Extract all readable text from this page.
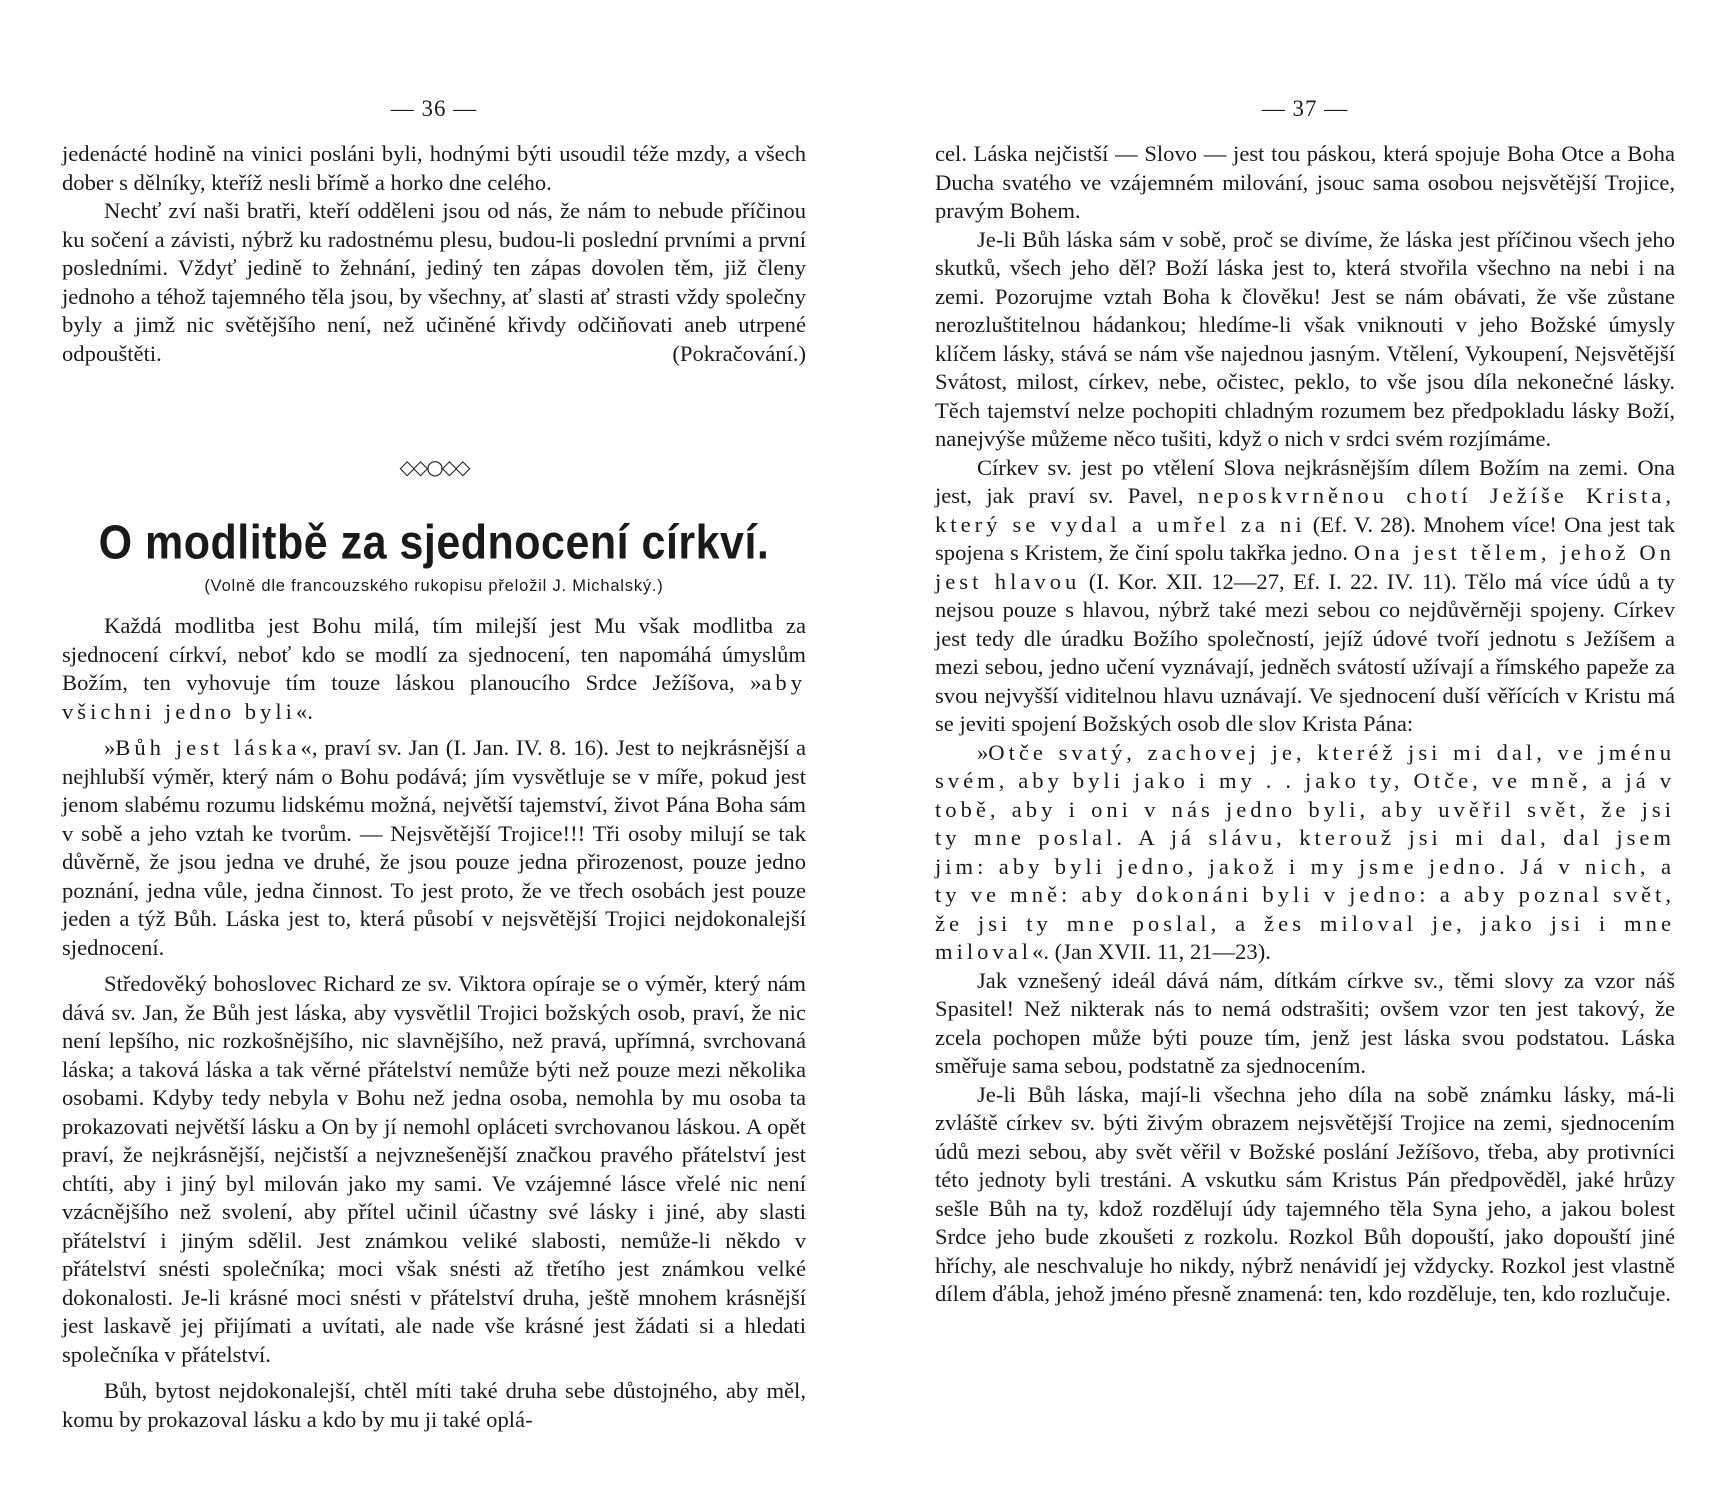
— 36 —

jedenácté hodině na vinici posláni byli, hodnými býti usoudil téže mzdy, a všech dober s dělníky, kteříž nesli břímě a horko dne celého.

Nechť zví naši bratři, kteří odděleni jsou od nás, že nám to nebude příčinou ku sočení a závisti, nýbrž ku radostnému plesu, budou-li poslední prvními a první posledními. Vždyť jedině to žehnání, jediný ten zápas dovolen těm, již členy jednoho a téhož tajemného těla jsou, by všechny, ať slasti ať strasti vždy společny byly a jimž nic světějšího není, než učiněné křivdy odčiňovati aneb utrpené odpouštěti.	(Pokračování.)

◇◇○◇◇
O modlitbě za sjednocení církví.
(Volně dle francouzského rukopisu přeložil J. Michalský.)

Každá modlitba jest Bohu milá, tím milejší jest Mu však modlitba za sjednocení církví, neboť kdo se modlí za sjednocení, ten napomáhá úmyslům Božím, ten vyhovuje tím touze láskou planoucího Srdce Ježíšova, »aby všichni jedno byli«.

»Bůh jest láska«, praví sv. Jan (I. Jan. IV. 8. 16). Jest to nejkrásnější a nejhlubší výměr, který nám o Bohu podává; jím vysvětluje se v míře, pokud jest jenom slabému rozumu lidskému možná, největší tajemství, život Pána Boha sám v sobě a jeho vztah ke tvorům. — Nejsvětější Trojice!!! Tři osoby milují se tak důvěrně, že jsou jedna ve druhé, že jsou pouze jedna přirozenost, pouze jedno poznání, jedna vůle, jedna činnost. To jest proto, že ve třech osobách jest pouze jeden a týž Bůh. Láska jest to, která působí v nejsvětější Trojici nejdokonalejší sjednocení.

Středověký bohoslovec Richard ze sv. Viktora opíraje se o výměr, který nám dává sv. Jan, že Bůh jest láska, aby vysvětlil Trojici božských osob, praví, že nic není lepšího, nic rozkošnějšího, nic slavnějšího, než pravá, upřímná, svrchovaná láska; a taková láska a tak věrné přátelství nemůže býti než pouze mezi několika osobami. Kdyby tedy nebyla v Bohu než jedna osoba, nemohla by mu osoba ta prokazovati největší lásku a On by jí nemohl opláceti svrchovanou láskou. A opět praví, že nejkrásnější, nejčistší a nejvznešenější značkou pravého přátelství jest chtíti, aby i jiný byl milován jako my sami. Ve vzájemné lásce vřelé nic není vzácnějšího než svolení, aby přítel učinil účastny své lásky i jiné, aby slasti přátelství i jiným sdělil. Jest známkou veliké slabosti, nemůže-li někdo v přátelství snésti společníka; moci však snésti až třetího jest známkou velké dokonalosti. Je-li krásné moci snésti v přátelství druha, ještě mnohem krásnější jest laskavě jej přijímati a uvítati, ale nade vše krásné jest žádati si a hledati společníka v přátelství.

Bůh, bytost nejdokonalejší, chtěl míti také druha sebe důstojného, aby měl, komu by prokazoval lásku a kdo by mu ji také oplá-

— 37 —

cel. Láska nejčistší — Slovo — jest tou páskou, která spojuje Boha Otce a Boha Ducha svatého ve vzájemném milování, jsouc sama osobou nejsvětější Trojice, pravým Bohem.

Je-li Bůh láska sám v sobě, proč se divíme, že láska jest příčinou všech jeho skutků, všech jeho děl? Boží láska jest to, která stvořila všechno na nebi i na zemi. Pozorujme vztah Boha k člověku! Jest se nám obávati, že vše zůstane nerozluštitelnou hádankou; hledíme-li však vniknouti v jeho Božské úmysly klíčem lásky, stává se nám vše najednou jasným. Vtělení, Vykoupení, Nejsvětější Svátost, milost, církev, nebe, očistec, peklo, to vše jsou díla nekonečné lásky. Těch tajemství nelze pochopiti chladným rozumem bez předpokladu lásky Boží, nanejvýše můžeme něco tušiti, když o nich v srdci svém rozjímáme.

Církev sv. jest po vtělení Slova nejkrásnějším dílem Božím na zemi. Ona jest, jak praví sv. Pavel, neposkvrněnou chotí Ježíše Krista, který se vydal a umřel za ni (Ef. V. 28). Mnohem více! Ona jest tak spojena s Kristem, že činí spolu takřka jedno. Ona jest tělem, jehož On jest hlavou (I. Kor. XII. 12—27, Ef. I. 22. IV. 11). Tělo má více údů a ty nejsou pouze s hlavou, nýbrž také mezi sebou co nejdůvěrněji spojeny. Církev jest tedy dle úradku Božího společností, jejíž údové tvoří jednotu s Ježíšem a mezi sebou, jedno učení vyznávají, jedněch svátostí užívají a římského papeže za svou nejvyšší viditelnou hlavu uznávají. Ve sjednocení duší věřících v Kristu má se jeviti spojení Božských osob dle slov Krista Pána:

»Otče svatý, zachovej je, kteréž jsi mi dal, ve jménu svém, aby byli jako i my . . jako ty, Otče, ve mně, a já v tobě, aby i oni v nás jedno byli, aby uvěřil svět, že jsi ty mne poslal. A já slávu, kterouž jsi mi dal, dal jsem jim: aby byli jedno, jakož i my jsme jedno. Já v nich, a ty ve mně: aby dokonáni byli v jedno: a aby poznal svět, že jsi ty mne poslal, a žes miloval je, jako jsi i mne miloval«. (Jan XVII. 11, 21—23).

Jak vznešený ideál dává nám, dítkám církve sv., těmi slovy za vzor náš Spasitel! Než nikterak nás to nemá odstrašiti; ovšem vzor ten jest takový, že zcela pochopen může býti pouze tím, jenž jest láska svou podstatou. Láska směřuje sama sebou, podstatně za sjednocením.

Je-li Bůh láska, mají-li všechna jeho díla na sobě známku lásky, má-li zvláště církev sv. býti živým obrazem nejsvětější Trojice na zemi, sjednocením údů mezi sebou, aby svět věřil v Božské poslání Ježíšovo, třeba, aby protivníci této jednoty byli trestáni. A vskutku sám Kristus Pán předpověděl, jaké hrůzy sešle Bůh na ty, kdož rozdělují údy tajemného těla Syna jeho, a jakou bolest Srdce jeho bude zkoušeti z rozkolu. Rozkol Bůh dopouští, jako dopouští jiné hříchy, ale neschvaluje ho nikdy, nýbrž nenávidí jej vždycky. Rozkol jest vlastně dílem ďábla, jehož jméno přesně znamená: ten, kdo rozděluje, ten, kdo rozlučuje.
